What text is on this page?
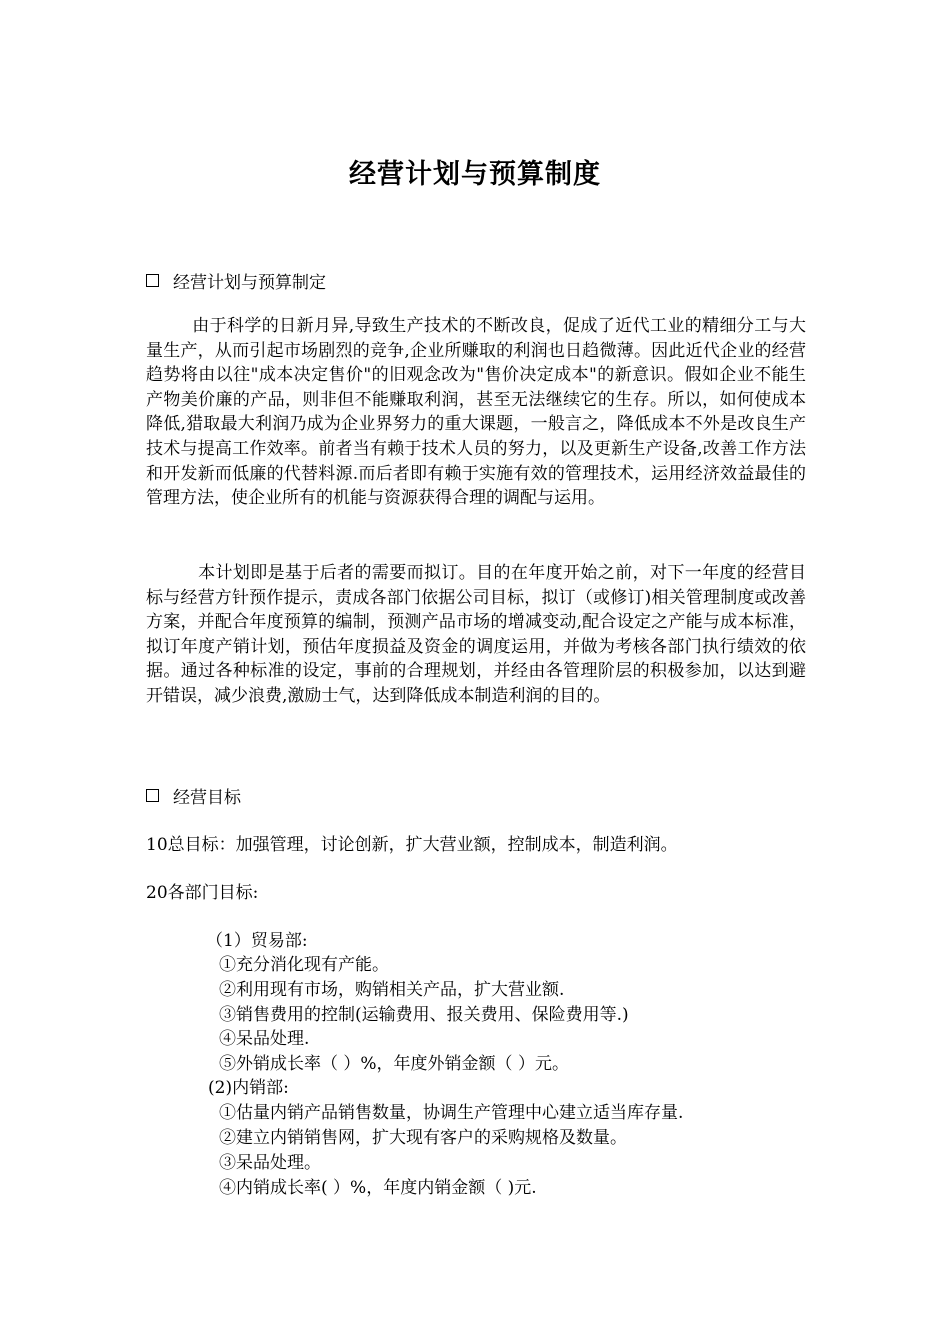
经营计划与预算制度
经营计划与预算制定

由于科学的日新月异,导致生产技术的不断改良，促成了近代工业的精细分工与大量生产，从而引起市场剧烈的竞争,企业所赚取的利润也日趋微薄。因此近代企业的经营趋势将由以往"成本决定售价"的旧观念改为"售价决定成本"的新意识。假如企业不能生产物美价廉的产品，则非但不能赚取利润，甚至无法继续它的生存。所以，如何使成本降低,猎取最大利润乃成为企业界努力的重大课题，一般言之，降低成本不外是改良生产技术与提高工作效率。前者当有赖于技术人员的努力，以及更新生产设备,改善工作方法和开发新而低廉的代替料源.而后者即有赖于实施有效的管理技术，运用经济效益最佳的管理方法，使企业所有的机能与资源获得合理的调配与运用。

本计划即是基于后者的需要而拟订。目的在年度开始之前，对下一年度的经营目标与经营方针预作提示，责成各部门依据公司目标，拟订（或修订)相关管理制度或改善方案，并配合年度预算的编制，预测产品市场的增减变动,配合设定之产能与成本标准，拟订年度产销计划，预估年度损益及资金的调度运用，并做为考核各部门执行绩效的依据。通过各种标准的设定，事前的合理规划，并经由各管理阶层的积极参加，以达到避开错误，减少浪费,激励士气，达到降低成本制造利润的目的。

经营目标
10总目标：加强管理，讨论创新，扩大营业额，控制成本，制造利润。
20各部门目标:
（1）贸易部:
①充分消化现有产能。
②利用现有市场，购销相关产品，扩大营业额.
③销售费用的控制(运输费用、报关费用、保险费用等.)
④呆品处理.
⑤外销成长率（ ）%，年度外销金额（ ）元。
(2)内销部:
①估量内销产品销售数量，协调生产管理中心建立适当库存量.
②建立内销销售网，扩大现有客户的采购规格及数量。
③呆品处理。
④内销成长率( ）%，年度内销金额（ )元.
